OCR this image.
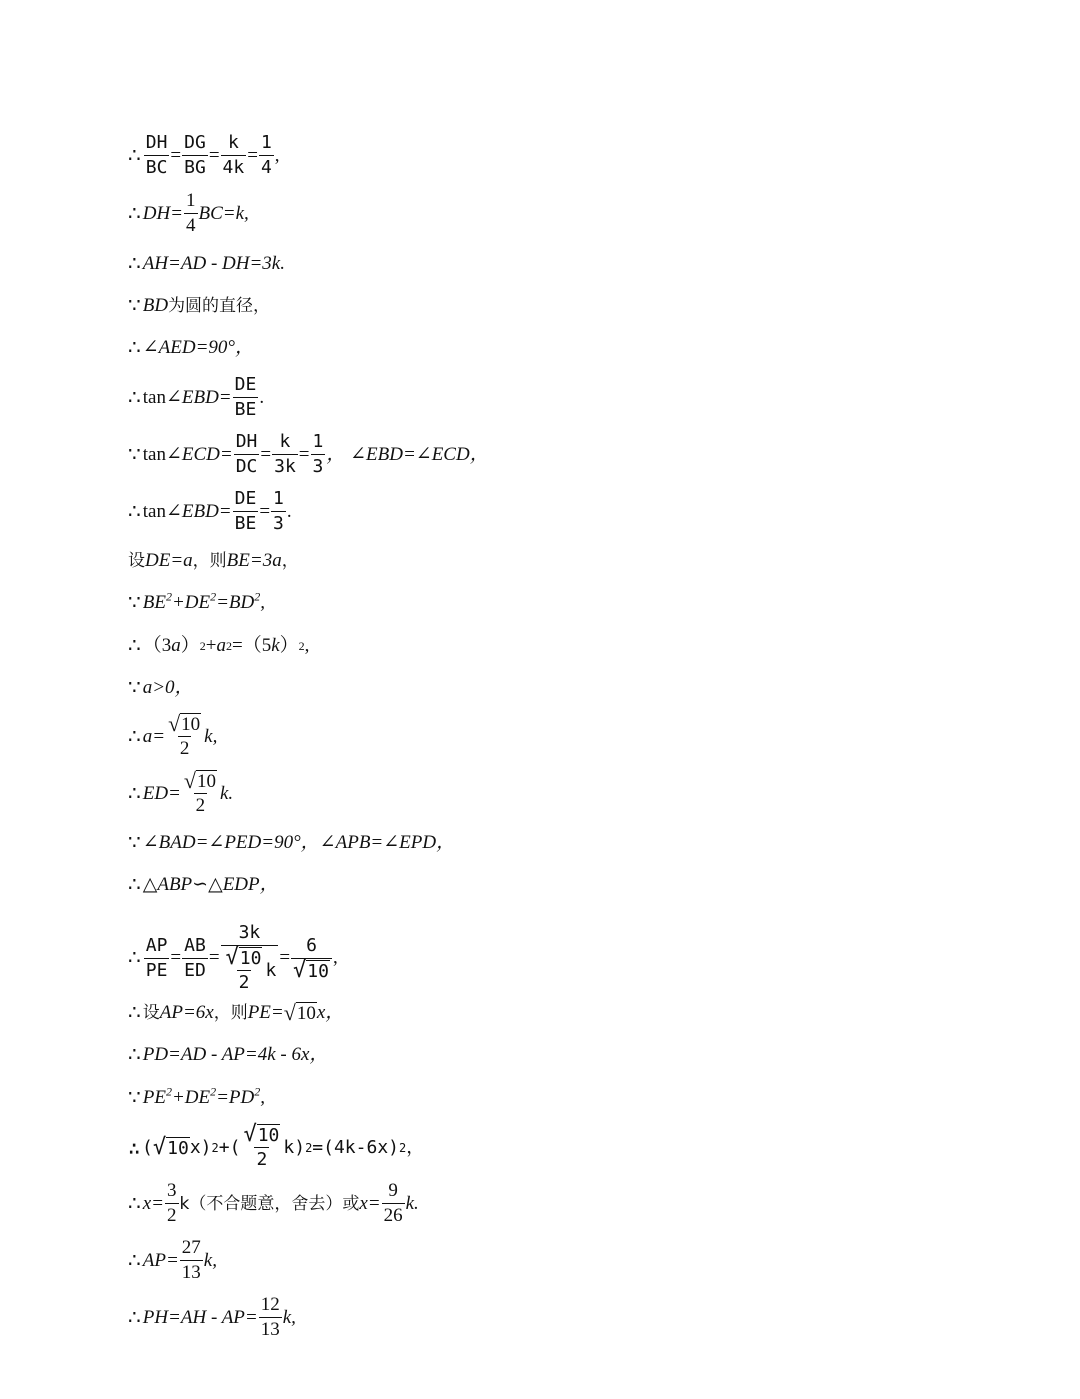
∴ $\frac{DH}{BC} = \frac{DG}{BG} = \frac{k}{4k} = \frac{1}{4}$ ,
∴ $DH= \frac{1}{4} BC=k$,
∴ AH=AD - DH=3k.
∵ BD 为圆的直径，
∴ ∠AED=90°，
∴ tan ∠EBD= $\frac{DE}{BE}$ .
∵ tan ∠ECD= $\frac{DH}{DC} = \frac{k}{3k} = \frac{1}{3}$ ， ∠EBD=∠ECD，
∴ tan ∠EBD= $\frac{DE}{BE} = \frac{1}{3}$ .
设 DE=a ，则 BE=3a ，
∵ $BE^2+DE^2=BD^2$,
∴ （3 a ） 2 + a 2 =（5 k ） 2 ,
∵ a>0，
∴ $a= \frac{√ 10}{2} k$,
∴ $ED= \frac{√ 10}{2} k$.
∵ ∠BAD=∠PED=90°，∠APB=∠EPD，
∴ △ABP∽△EDP，
∴ $\frac{AP}{PE} = \frac{AB}{ED} = \frac{3k}{\frac{√ 10}{2} k} = \frac{6}{√ 10}$ ,
∴ 设 AP=6x ，则 PE= √ 10 x，
∴ PD=AD - AP=4k - 6x，
∵ $PE^2+DE^2=PD^2$,
∴ ( √ 10 x) 2 +( $\frac{√ 10}{2} k$) 2 =(4k-6x) 2 ，
∴ $x= \frac{3}{2} k$（不合题意，舍去）或 $x= \frac{9}{26} k$.
∴ $AP= \frac{27}{13} k$,
∴ $PH=AH - AP= \frac{12}{13} k$,
